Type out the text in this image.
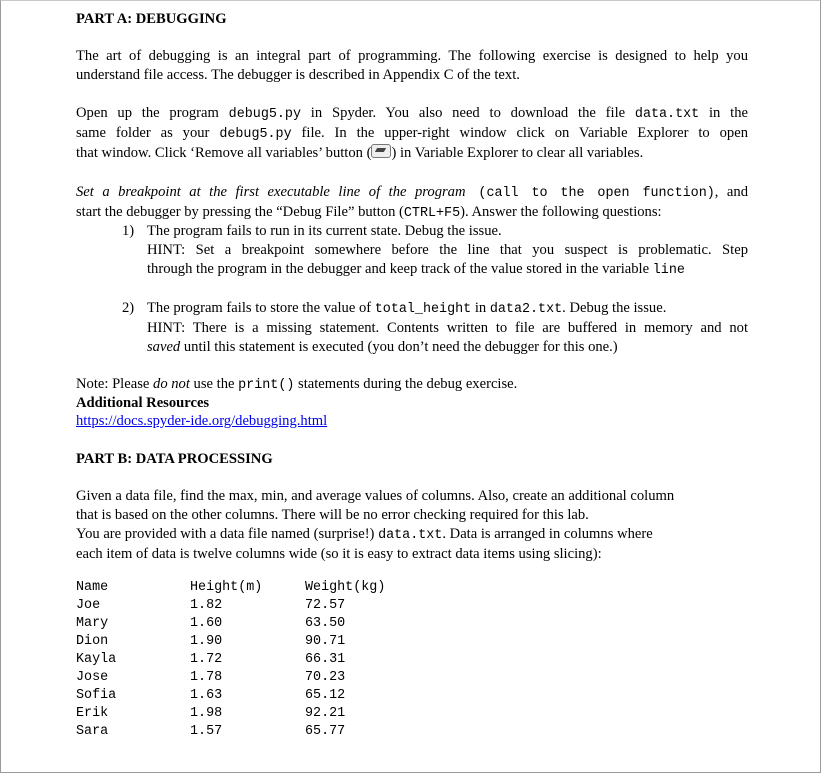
PART A: DEBUGGING
The art of debugging is an integral part of programming. The following exercise is designed to help you
understand file access. The debugger is described in Appendix C of the text.
Open up the program debug5.py in Spyder. You also need to download the file data.txt in the
same folder as your debug5.py file. In the upper-right window click on Variable Explorer to open
that window. Click ‘Remove all variables’ button ( ) in Variable Explorer to clear all variables.
Set a breakpoint at the first executable line of the program (call to the open function), and
start the debugger by pressing the “Debug File” button (CTRL+F5). Answer the following questions:
1) The program fails to run in its current state. Debug the issue.
HINT: Set a breakpoint somewhere before the line that you suspect is problematic. Step
through the program in the debugger and keep track of the value stored in the variable line
2) The program fails to store the value of total_height in data2.txt. Debug the issue.
HINT: There is a missing statement. Contents written to file are buffered in memory and not
saved until this statement is executed (you don’t need the debugger for this one.)
Note: Please do not use the print() statements during the debug exercise.
Additional Resources
https://docs.spyder-ide.org/debugging.html
PART B: DATA PROCESSING
Given a data file, find the max, min, and average values of columns. Also, create an additional column
that is based on the other columns. There will be no error checking required for this lab.
You are provided with a data file named (surprise!) data.txt. Data is arranged in columns where
each item of data is twelve columns wide (so it is easy to extract data items using slicing):
Name
Joe
Mary
Dion
Kayla
Jose
Sofia
Erik
Sara
Height(m)
1.82
1.60
1.90
1.72
1.78
1.63
1.98
1.57
Weight(kg)
72.57
63.50
90.71
66.31
70.23
65.12
92.21
65.77
